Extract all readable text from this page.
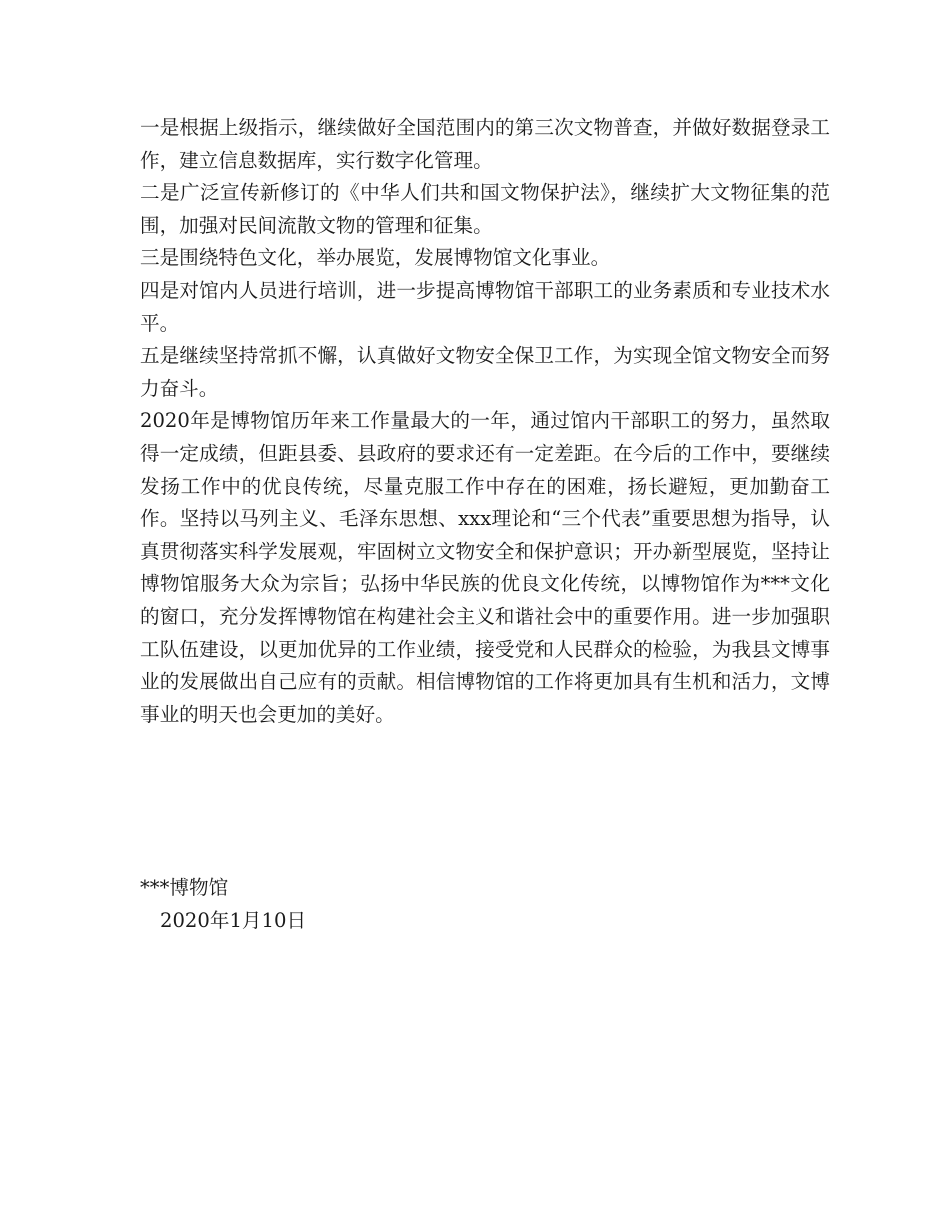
一是根据上级指示，继续做好全国范围内的第三次文物普查，并做好数据登录工作，建立信息数据库，实行数字化管理。

二是广泛宣传新修订的《中华人们共和国文物保护法》，继续扩大文物征集的范围，加强对民间流散文物的管理和征集。

三是围绕特色文化，举办展览，发展博物馆文化事业。

四是对馆内人员进行培训，进一步提高博物馆干部职工的业务素质和专业技术水平。

五是继续坚持常抓不懈，认真做好文物安全保卫工作，为实现全馆文物安全而努力奋斗。

2020年是博物馆历年来工作量最大的一年，通过馆内干部职工的努力，虽然取得一定成绩，但距县委、县政府的要求还有一定差距。在今后的工作中，要继续发扬工作中的优良传统，尽量克服工作中存在的困难，扬长避短，更加勤奋工作。坚持以马列主义、毛泽东思想、xxx理论和“三个代表”重要思想为指导，认真贯彻落实科学发展观，牢固树立文物安全和保护意识；开办新型展览，坚持让博物馆服务大众为宗旨；弘扬中华民族的优良文化传统，以博物馆作为***文化的窗口，充分发挥博物馆在构建社会主义和谐社会中的重要作用。进一步加强职工队伍建设，以更加优异的工作业绩，接受党和人民群众的检验，为我县文博事业的发展做出自己应有的贡献。相信博物馆的工作将更加具有生机和活力，文博事业的明天也会更加的美好。

***博物馆
2020年1月10日
